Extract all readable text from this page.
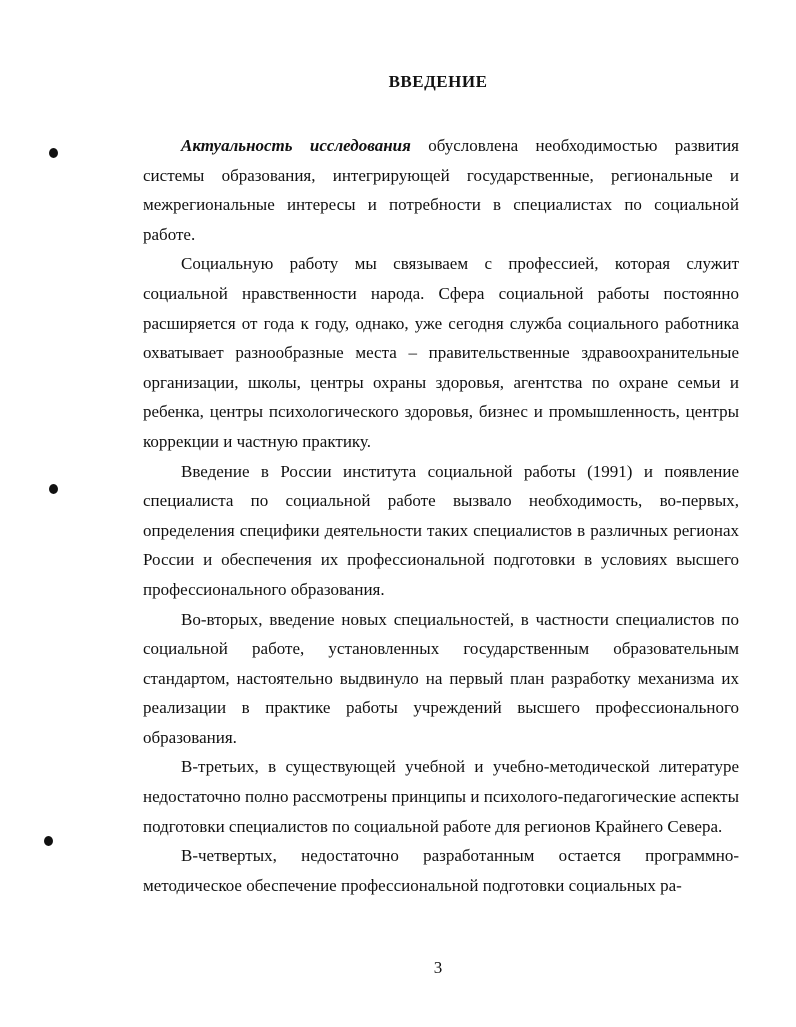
ВВЕДЕНИЕ

Актуальность исследования обусловлена необходимостью развития системы образования, интегрирующей государственные, региональные и межрегиональные интересы и потребности в специалистах по социальной работе.

Социальную работу мы связываем с профессией, которая служит социальной нравственности народа. Сфера социальной работы постоянно расширяется от года к году, однако, уже сегодня служба социального работника охватывает разнообразные места – правительственные здравоохранительные организации, школы, центры охраны здоровья, агентства по охране семьи и ребенка, центры психологического здоровья, бизнес и промышленность, центры коррекции и частную практику.

Введение в России института социальной работы (1991) и появление специалиста по социальной работе вызвало необходимость, во-первых, определения специфики деятельности таких специалистов в различных регионах России и обеспечения их профессиональной подготовки в условиях высшего профессионального образования.

Во-вторых, введение новых специальностей, в частности специалистов по социальной работе, установленных государственным образовательным стандартом, настоятельно выдвинуло на первый план разработку механизма их реализации в практике работы учреждений высшего профессионального образования.

В-третьих, в существующей учебной и учебно-методической литературе недостаточно полно рассмотрены принципы и психолого-педагогические аспекты подготовки специалистов по социальной работе для регионов Крайнего Севера.

В-четвертых, недостаточно разработанным остается программно-методическое обеспечение профессиональной подготовки социальных ра-

3
